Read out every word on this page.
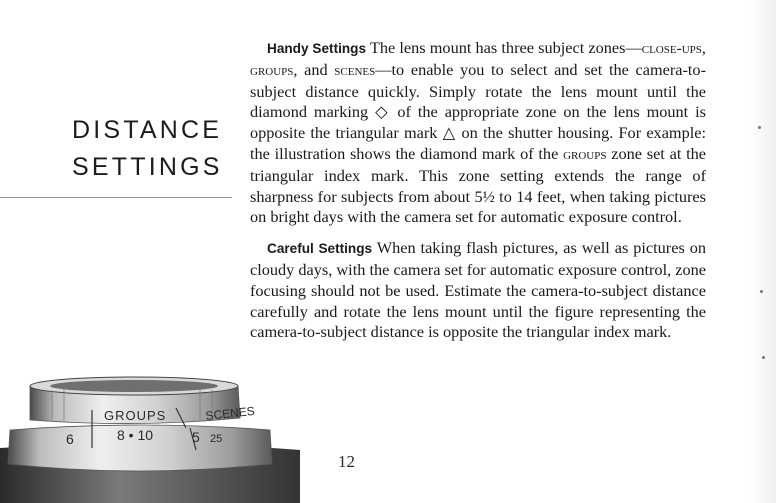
DISTANCE
SETTINGS

Handy Settings The lens mount has three subject zones—close-ups, groups, and scenes—to enable you to select and set the camera-to-subject distance quickly. Simply rotate the lens mount until the diamond marking ◇ of the appropriate zone on the lens mount is opposite the triangular mark △ on the shutter housing. For example: the illustration shows the diamond mark of the groups zone set at the triangular index mark. This zone setting extends the range of sharpness for subjects from about 5½ to 14 feet, when taking pictures on bright days with the camera set for automatic exposure control.

Careful Settings When taking flash pictures, as well as pictures on cloudy days, with the camera set for automatic exposure control, zone focusing should not be used. Estimate the camera-to-subject distance carefully and rotate the lens mount until the figure representing the camera-to-subject distance is opposite the triangular index mark.

GROUPS	SCENES
6	8 • 10	5 25
12
